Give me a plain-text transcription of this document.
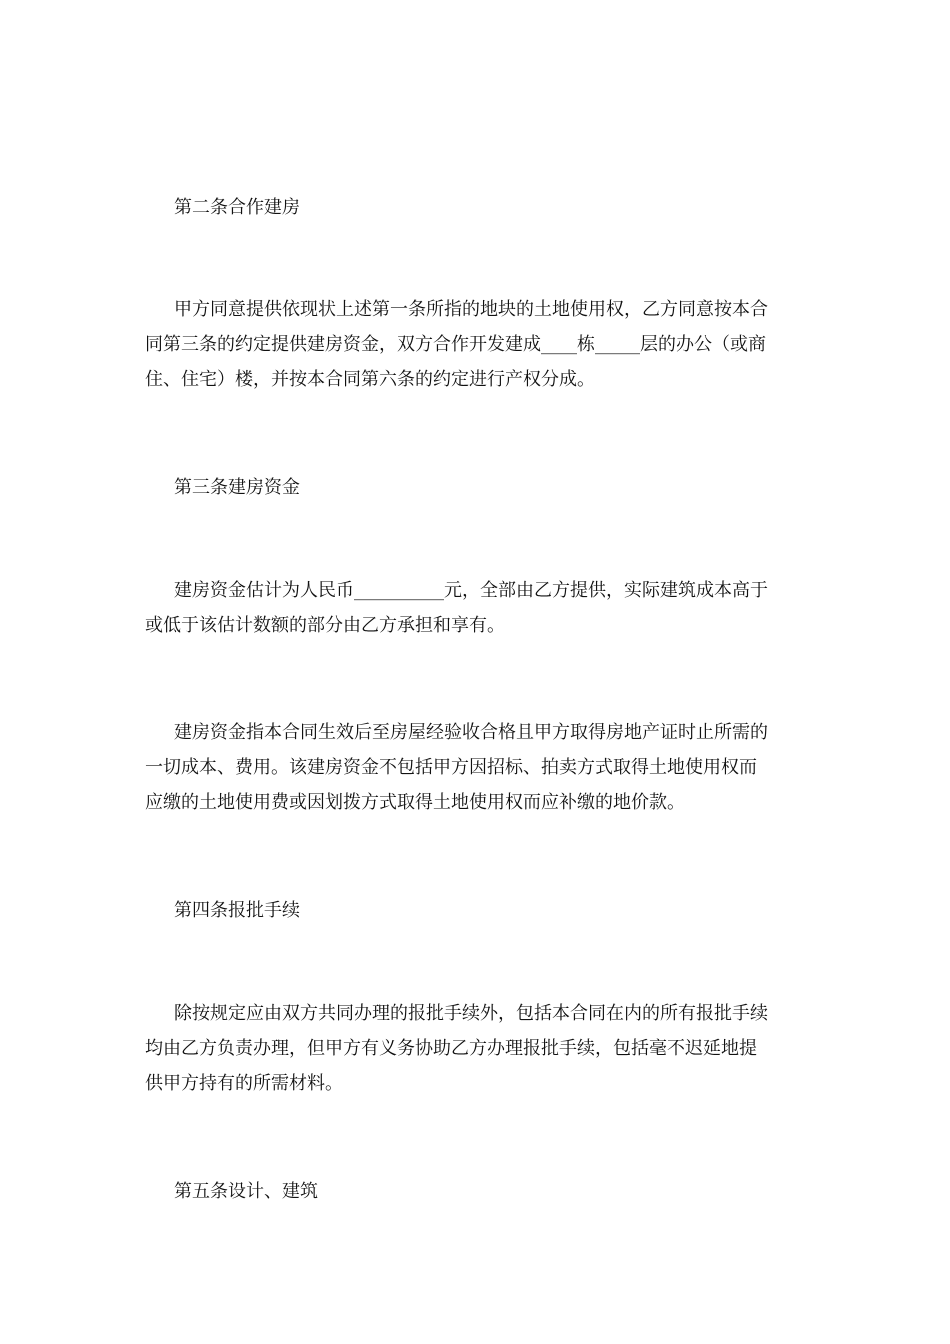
第二条合作建房

甲方同意提供依现状上述第一条所指的地块的土地使用权，乙方同意按本合
同第三条的约定提供建房资金，双方合作开发建成____栋_____层的办公（或商
住、住宅）楼，并按本合同第六条的约定进行产权分成。

第三条建房资金

建房资金估计为人民币__________元，全部由乙方提供，实际建筑成本高于
或低于该估计数额的部分由乙方承担和享有。
建房资金指本合同生效后至房屋经验收合格且甲方取得房地产证时止所需的
一切成本、费用。该建房资金不包括甲方因招标、拍卖方式取得土地使用权而
应缴的土地使用费或因划拨方式取得土地使用权而应补缴的地价款。

第四条报批手续

除按规定应由双方共同办理的报批手续外，包括本合同在内的所有报批手续
均由乙方负责办理，但甲方有义务协助乙方办理报批手续，包括毫不迟延地提
供甲方持有的所需材料。

第五条设计、建筑
